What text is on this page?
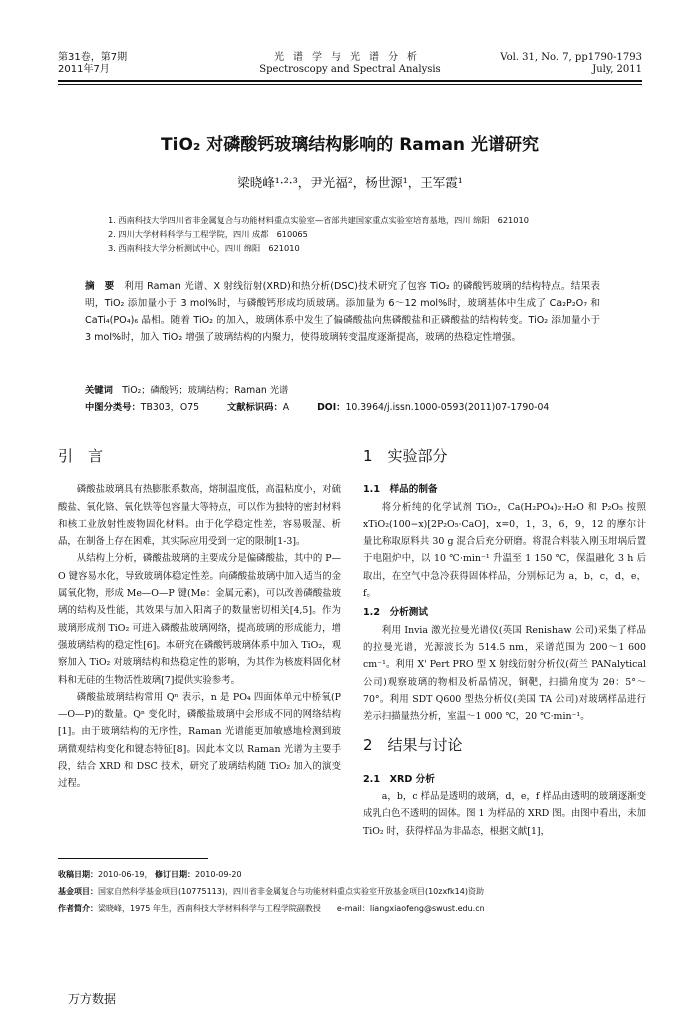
第31卷，第7期
2011年7月
光谱学与光谱分析
Spectroscopy and Spectral Analysis
Vol. 31, No. 7, pp1790-1793
July, 2011
TiO₂ 对磷酸钙玻璃结构影响的 Raman 光谱研究
梁晓峰¹·²·³，尹光福²，杨世源¹，王军霞¹
1. 西南科技大学四川省非金属复合与功能材料重点实验室—省部共建国家重点实验室培育基地，四川 绵阳　621010
2. 四川大学材料科学与工程学院，四川 成都　610065
3. 西南科技大学分析测试中心，四川 绵阳　621010
摘　要　 利用 Raman 光谱、X 射线衍射(XRD)和热分析(DSC)技术研究了包容 TiO₂ 的磷酸钙玻璃的结构特点。结果表明，TiO₂ 添加量小于 3 mol%时，与磷酸钙形成均质玻璃。添加量为 6～12 mol%时，玻璃基体中生成了 Ca₂P₂O₇ 和 CaTi₄(PO₄)₆ 晶相。随着 TiO₂ 的加入，玻璃体系中发生了偏磷酸盐向焦磷酸盐和正磷酸盐的结构转变。TiO₂ 添加量小于 3 mol%时，加入 TiO₂ 增强了玻璃结构的内聚力，使得玻璃转变温度逐渐提高，玻璃的热稳定性增强。
关键词　 TiO₂；磷酸钙；玻璃结构；Raman 光谱
中图分类号：TB303，O75	文献标识码：A	DOI：10.3964/j.issn.1000-0593(2011)07-1790-04
引　言

磷酸盐玻璃具有热膨胀系数高，熔制温度低，高温粘度小，对硫酸盐、氧化铬、氧化铁等包容量大等特点，可以作为独特的密封材料和核工业放射性废物固化材料。由于化学稳定性差，容易吸湿、析晶，在制备上存在困难，其实际应用受到一定的限制[1-3]。

从结构上分析，磷酸盐玻璃的主要成分是偏磷酸盐，其中的 P—O 键容易水化，导致玻璃体稳定性差。向磷酸盐玻璃中加入适当的金属氧化物，形成 Me—O—P 键(Me：金属元素)，可以改善磷酸盐玻璃的结构及性能，其效果与加入阳离子的数量密切相关[4,5]。作为玻璃形成剂 TiO₂ 可进入磷酸盐玻璃网络，提高玻璃的形成能力，增强玻璃结构的稳定性[6]。本研究在磷酸钙玻璃体系中加入 TiO₂，观察加入 TiO₂ 对玻璃结构和热稳定性的影响，为其作为核废料固化材料和无硅的生物活性玻璃[7]提供实验参考。

磷酸盐玻璃结构常用 Qⁿ 表示，n 是 PO₄ 四面体单元中桥氧(P—O—P)的数量。Qⁿ 变化时，磷酸盐玻璃中会形成不同的网络结构[1]。由于玻璃结构的无序性，Raman 光谱能更加敏感地检测到玻璃微观结构变化和键态特征[8]。因此本文以 Raman 光谱为主要手段，结合 XRD 和 DSC 技术，研究了玻璃结构随 TiO₂ 加入的演变过程。

1　实验部分
1.1　样品的制备

将分析纯的化学试剂 TiO₂，Ca(H₂PO₄)₂·H₂O 和 P₂O₅ 按照 xTiO₂(100−x)[2P₂O₅·CaO]，x=0，1，3，6，9，12 的摩尔计量比称取原料共 30 g 混合后充分研磨。将混合料装入刚玉坩埚后置于电阻炉中，以 10 ℃·min⁻¹ 升温至 1 150 ℃，保温融化 3 h 后取出，在空气中急冷获得固体样品，分别标记为 a，b，c，d，e，f。

1.2　分析测试

利用 Invia 激光拉曼光谱仪(英国 Renishaw 公司)采集了样品的拉曼光谱，光源波长为 514.5 nm，采谱范围为 200～1 600 cm⁻¹。利用 X' Pert PRO 型 X 射线衍射分析仪(荷兰 PANalytical 公司)观察玻璃的物相及析晶情况，铜靶，扫描角度为 2θ：5°～70°。利用 SDT Q600 型热分析仪(美国 TA 公司)对玻璃样品进行差示扫描量热分析，室温～1 000 ℃，20 ℃·min⁻¹。

2　结果与讨论
2.1　XRD 分析

a，b，c 样品是透明的玻璃，d，e，f 样品由透明的玻璃逐渐变成乳白色不透明的固体。图 1 为样品的 XRD 图。由图中看出，未加 TiO₂ 时，获得样品为非晶态，根据文献[1]，

收稿日期：2010-06-19， 修订日期：2010-09-20
基金项目：国家自然科学基金项目(10775113)，四川省非金属复合与功能材料重点实验室开放基金项目(10zxfk14)资助
作者简介：梁晓峰，1975 年生，西南科技大学材料科学与工程学院副教授　　e-mail：liangxiaofeng@swust.edu.cn
万方数据
